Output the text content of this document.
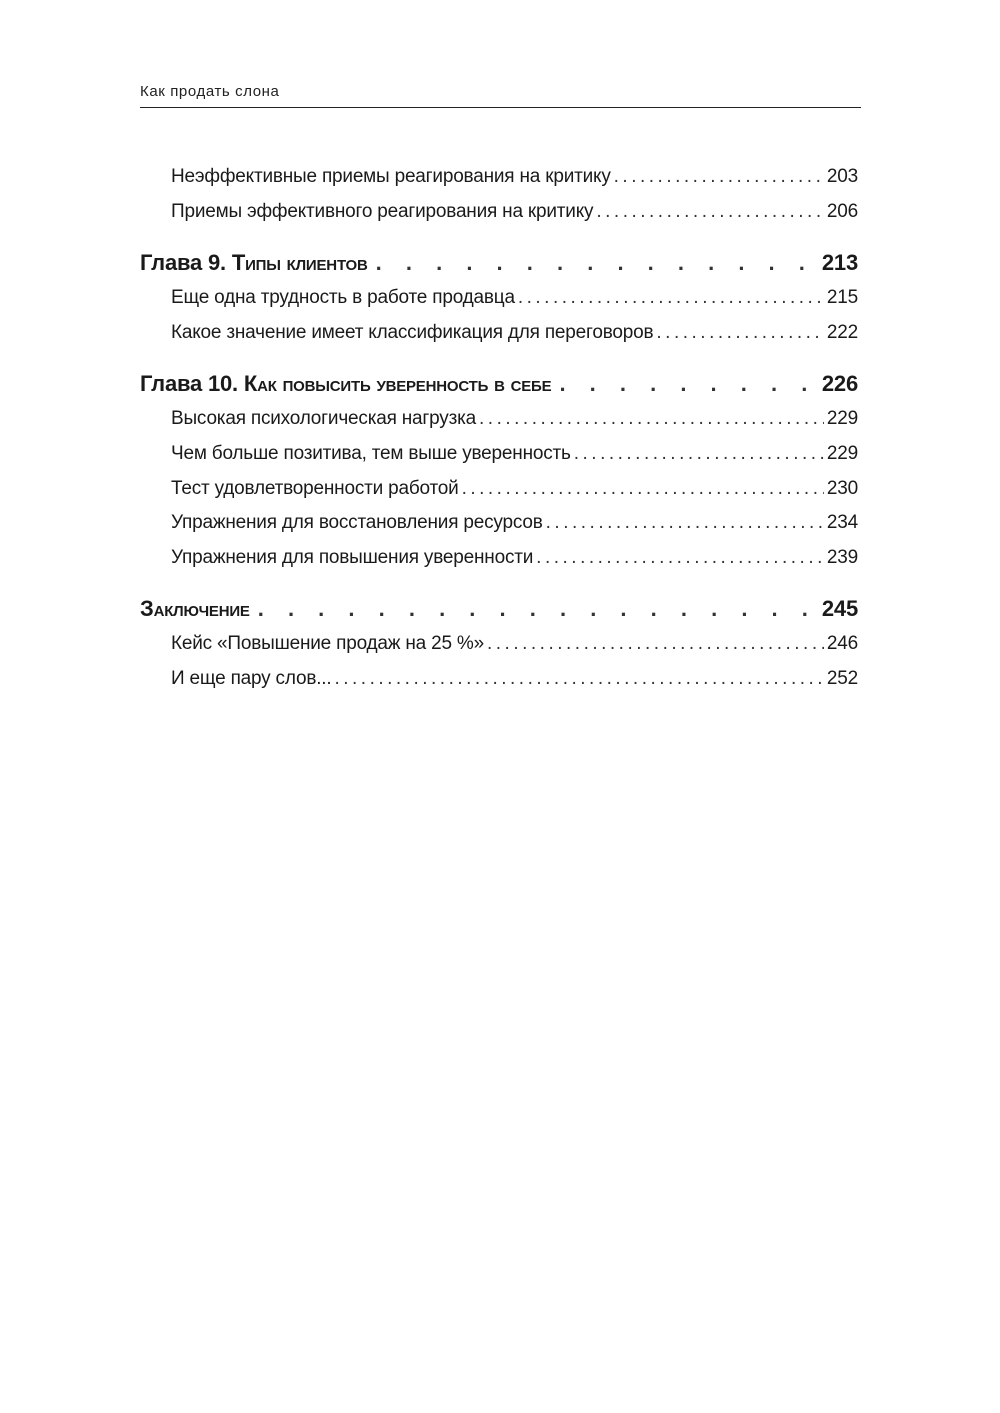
Как продать слона
Неэффективные приемы реагирования на критику .....	203
Приемы эффективного реагирования на критику .....	206
Глава 9. Типы клиентов . . .	213
Еще одна трудность в работе продавца .....	215
Какое значение имеет классификация для переговоров .....	222
Глава 10. Как повысить уверенность в себе . . .	226
Высокая психологическая нагрузка .....	229
Чем больше позитива, тем выше уверенность .....	229
Тест удовлетворенности работой .....	230
Упражнения для восстановления ресурсов .....	234
Упражнения для повышения уверенности .....	239
Заключение . . .	245
Кейс «Повышение продаж на 25 %» .....	246
И еще пару слов... .....	252
